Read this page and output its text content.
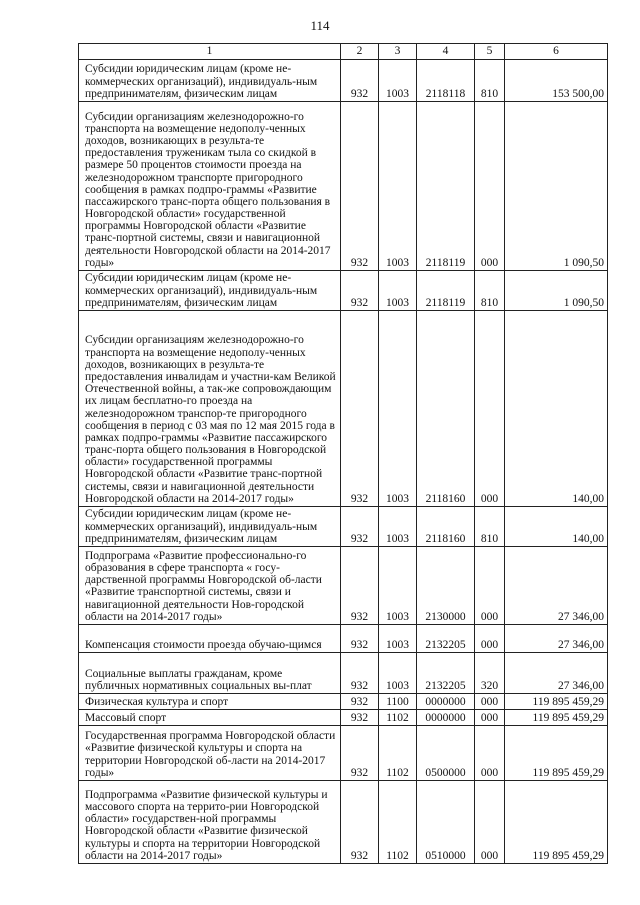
114
1	2	3	4	5	6
Субсидии юридическим лицам (кроме не-коммерческих организаций), индивидуаль-ным предпринимателям, физическим лицам	932	1003	2118118	810	153 500,00
Субсидии организациям железнодорожно-го транспорта на возмещение недополу-ченных доходов, возникающих в результа-те предоставления труженикам тыла со скидкой в размере 50 процентов стоимости проезда на железнодорожном транспорте пригородного сообщения в рамках подпро-граммы «Развитие пассажирского транс-порта общего пользования в Новгородской области» государственной программы Новгородской области «Развитие транс-портной системы, связи и навигационной деятельности Новгородской области на 2014-2017 годы»	932	1003	2118119	000	1 090,50
Субсидии юридическим лицам (кроме не-коммерческих организаций), индивидуаль-ным предпринимателям, физическим лицам	932	1003	2118119	810	1 090,50
Субсидии организациям железнодорожно-го транспорта на возмещение недополу-ченных доходов, возникающих в результа-те предоставления инвалидам и участни-кам Великой Отечественной войны, а так-же сопровождающим их лицам бесплатно-го проезда на железнодорожном транспор-те пригородного сообщения в период с 03 мая по 12 мая 2015 года в рамках подпро-граммы «Развитие пассажирского транс-порта общего пользования в Новгородской области» государственной программы Новгородской области «Развитие транс-портной системы, связи и навигационной деятельности Новгородской области на 2014-2017 годы»	932	1003	2118160	000	140,00
Субсидии юридическим лицам (кроме не-коммерческих организаций), индивидуаль-ным предпринимателям, физическим лицам	932	1003	2118160	810	140,00
Подпрограма «Развитие профессионально-го образования в сфере транспорта « госу-дарственной программы Новгородской об-ласти «Развитие транспортной системы, связи и навигационной деятельности Нов-городской области на 2014-2017 годы»	932	1003	2130000	000	27 346,00
Компенсация стоимости проезда обучаю-щимся	932	1003	2132205	000	27 346,00
Социальные выплаты гражданам, кроме публичных нормативных социальных вы-плат	932	1003	2132205	320	27 346,00
Физическая культура и спорт	932	1100	0000000	000	119 895 459,29
Массовый спорт	932	1102	0000000	000	119 895 459,29
Государственная программа Новгородской области «Развитие физической культуры и спорта на территории Новгородской об-ласти на 2014-2017 годы»	932	1102	0500000	000	119 895 459,29
Подпрограмма «Развитие физической культуры и массового спорта на террито-рии Новгородской области» государствен-ной программы Новгородской области «Развитие физической культуры и спорта на территории Новгородской области на 2014-2017 годы»	932	1102	0510000	000	119 895 459,29
